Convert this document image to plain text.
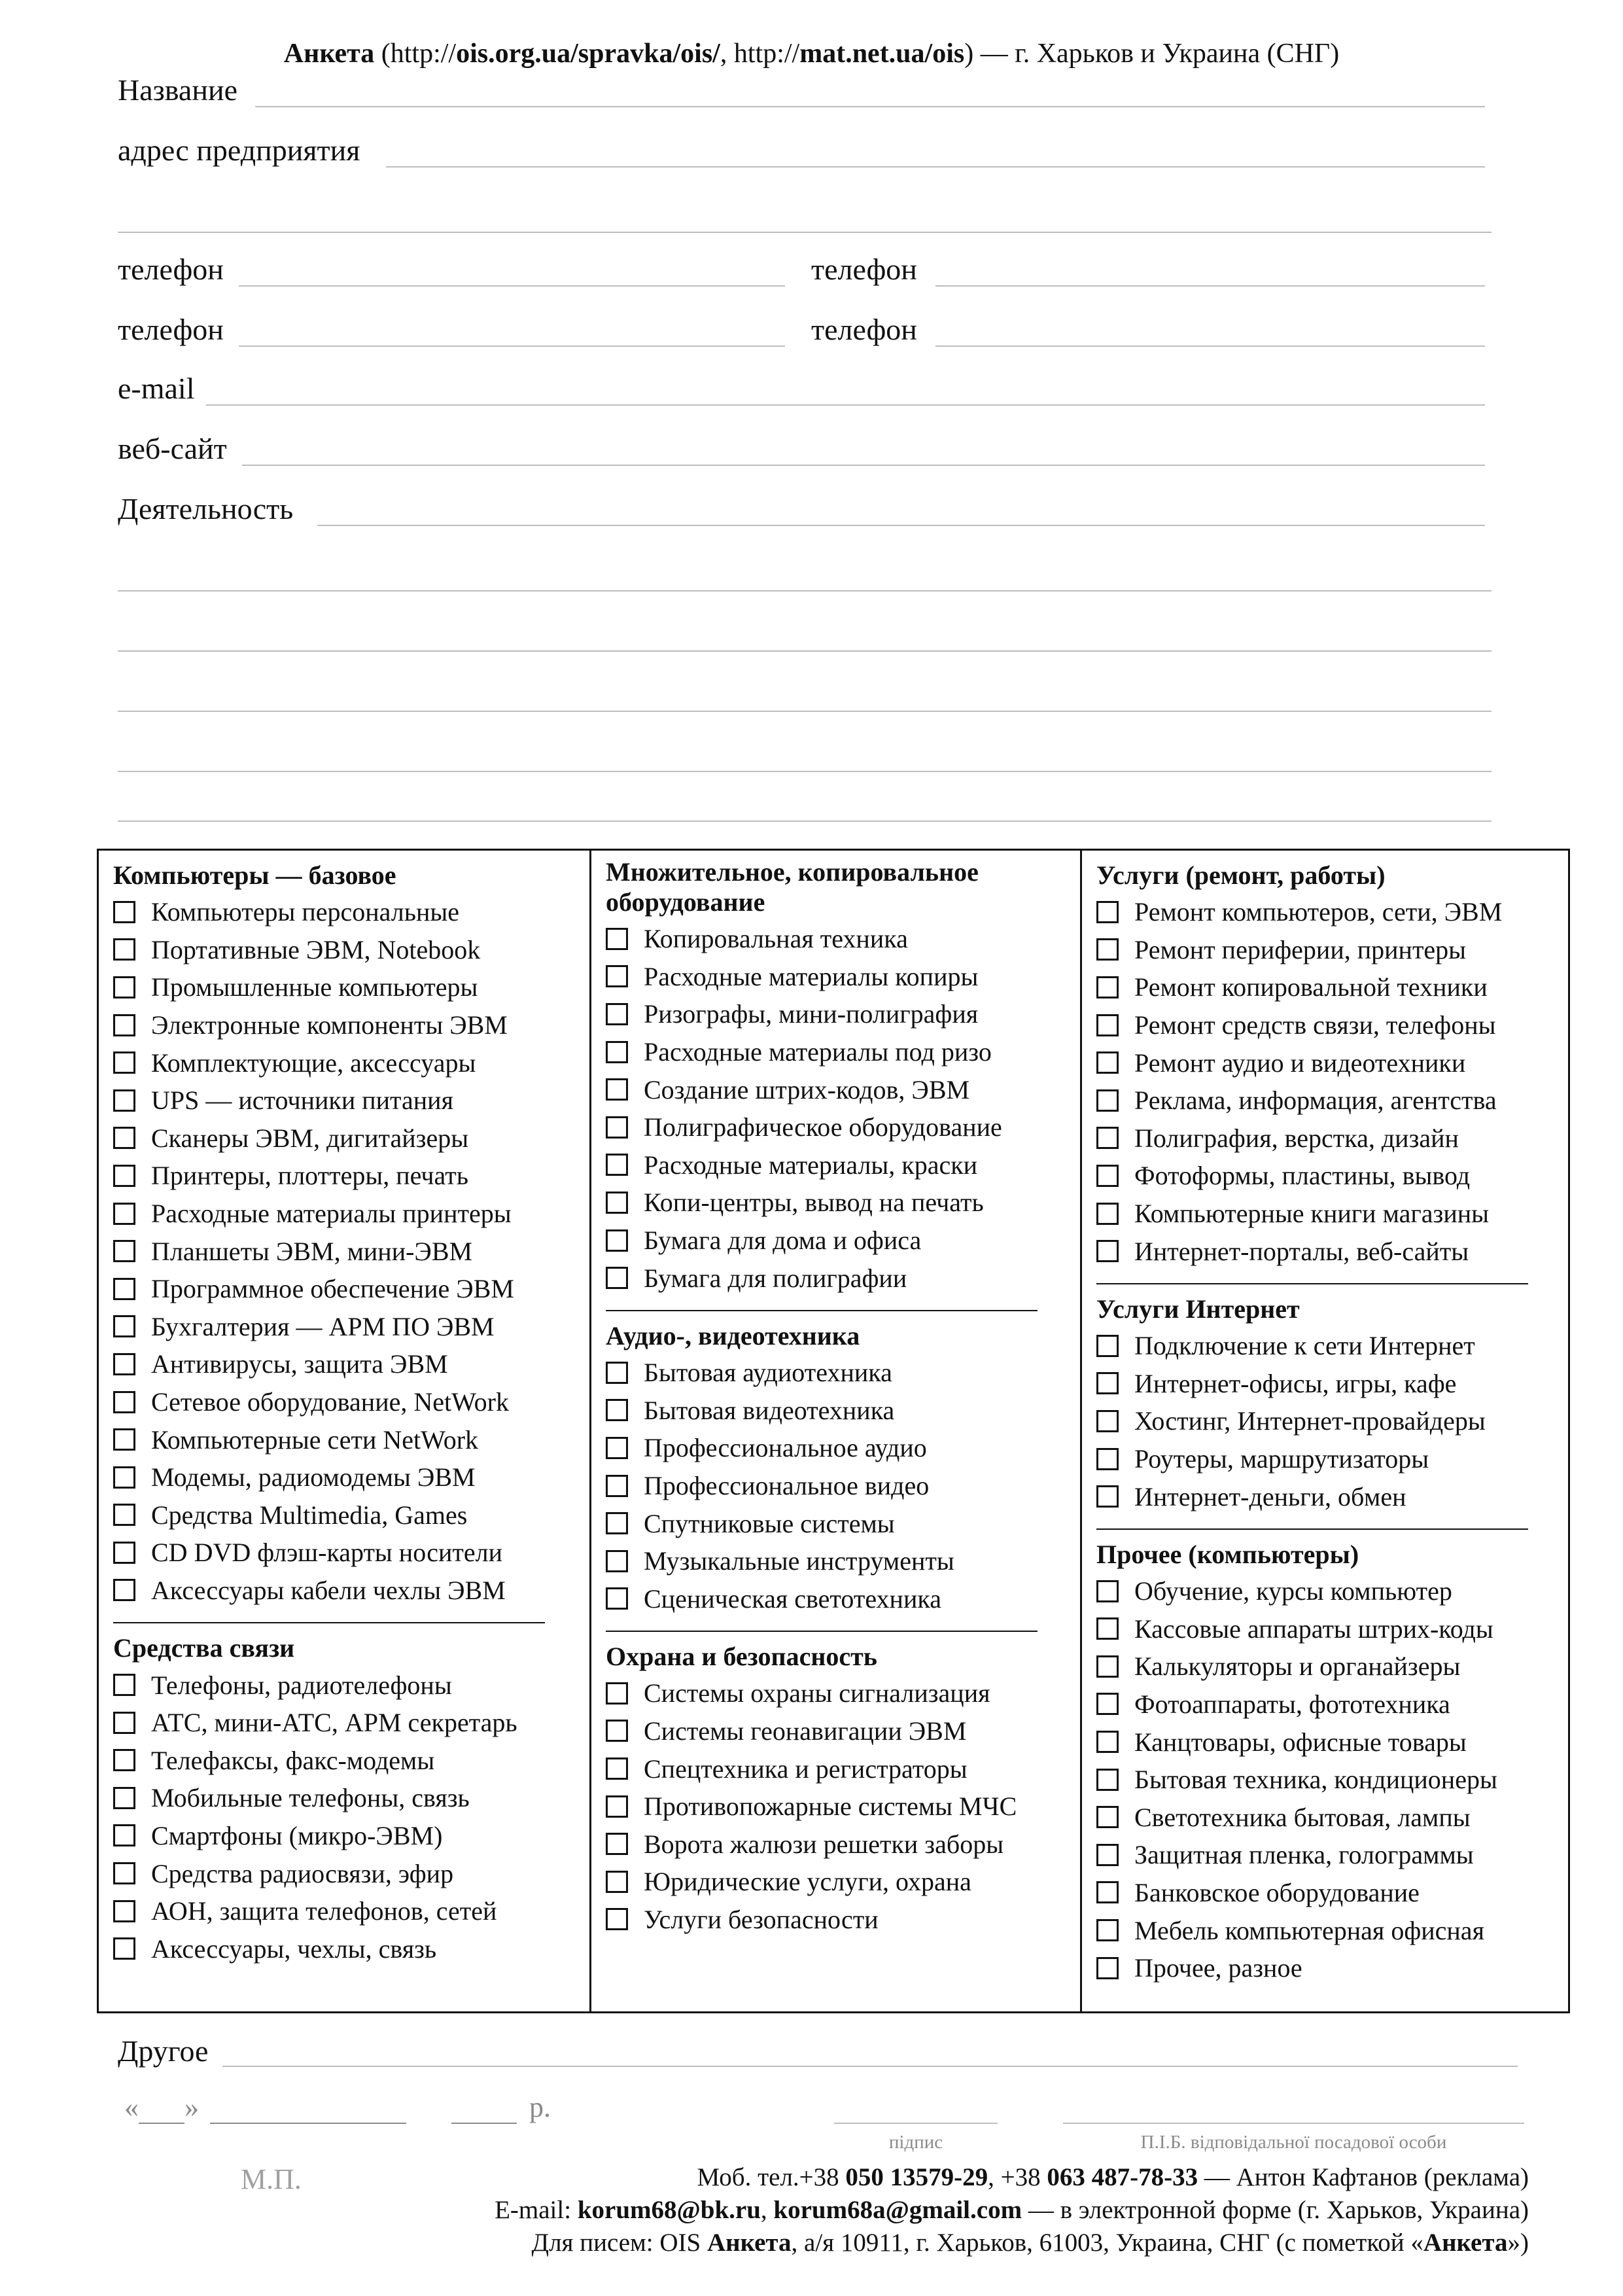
Анкета (http://ois.org.ua/spravka/ois/, http://mat.net.ua/ois) — г. Харьков и Украина (СНГ)
Название
адрес предприятия
телефон	телефон
телефон	телефон
e-mail
веб-сайт
Деятельность
Компьютеры — базовое
Компьютеры персональные
Портативные ЭВМ, Notebook
Промышленные компьютеры
Электронные компоненты ЭВМ
Комплектующие, аксессуары
UPS — источники питания
Сканеры ЭВМ, дигитайзеры
Принтеры, плоттеры, печать
Расходные материалы принтеры
Планшеты ЭВМ, мини-ЭВМ
Программное обеспечение ЭВМ
Бухгалтерия — АРМ ПО ЭВМ
Антивирусы, защита ЭВМ
Сетевое оборудование, NetWork
Компьютерные сети NetWork
Модемы, радиомодемы ЭВМ
Средства Multimedia, Games
CD DVD флэш-карты носители
Аксессуары кабели чехлы ЭВМ
Средства связи
Телефоны, радиотелефоны
АТС, мини-АТС, АРМ секретарь
Телефаксы, факс-модемы
Мобильные телефоны, связь
Смартфоны (микро-ЭВМ)
Средства радиосвязи, эфир
АОН, защита телефонов, сетей
Аксессуары, чехлы, связь
Множительное, копировальное
оборудование
Копировальная техника
Расходные материалы копиры
Ризографы, мини-полиграфия
Расходные материалы под ризо
Создание штрих-кодов, ЭВМ
Полиграфическое оборудование
Расходные материалы, краски
Копи-центры, вывод на печать
Бумага для дома и офиса
Бумага для полиграфии
Аудио-, видеотехника
Бытовая аудиотехника
Бытовая видеотехника
Профессиональное аудио
Профессиональное видео
Спутниковые системы
Музыкальные инструменты
Сценическая светотехника
Охрана и безопасность
Системы охраны сигнализация
Системы геонавигации ЭВМ
Спецтехника и регистраторы
Противопожарные системы МЧС
Ворота жалюзи решетки заборы
Юридические услуги, охрана
Услуги безопасности
Услуги (ремонт, работы)
Ремонт компьютеров, сети, ЭВМ
Ремонт периферии, принтеры
Ремонт копировальной техники
Ремонт средств связи, телефоны
Ремонт аудио и видеотехники
Реклама, информация, агентства
Полиграфия, верстка, дизайн
Фотоформы, пластины, вывод
Компьютерные книги магазины
Интернет-порталы, веб-сайты
Услуги Интернет
Подключение к сети Интернет
Интернет-офисы, игры, кафе
Хостинг, Интернет-провайдеры
Роутеры, маршрутизаторы
Интернет-деньги, обмен
Прочее (компьютеры)
Обучение, курсы компьютер
Кассовые аппараты штрих-коды
Калькуляторы и органайзеры
Фотоаппараты, фототехника
Канцтовары, офисные товары
Бытовая техника, кондиционеры
Светотехника бытовая, лампы
Защитная пленка, голограммы
Банковское оборудование
Мебель компьютерная офисная
Прочее, разное
Другое
« »	р.
підпис	П.І.Б. відповідальної посадової особи
М.П.	Моб. тел.+38 050 13579-29, +38 063 487-78-33 — Антон Кафтанов (реклама)
E-mail: korum68@bk.ru, korum68a@gmail.com — в электронной форме (г. Харьков, Украина)
Для писем: OIS Анкета, а/я 10911, г. Харьков, 61003, Украина, СНГ (с пометкой «Анкета»)
